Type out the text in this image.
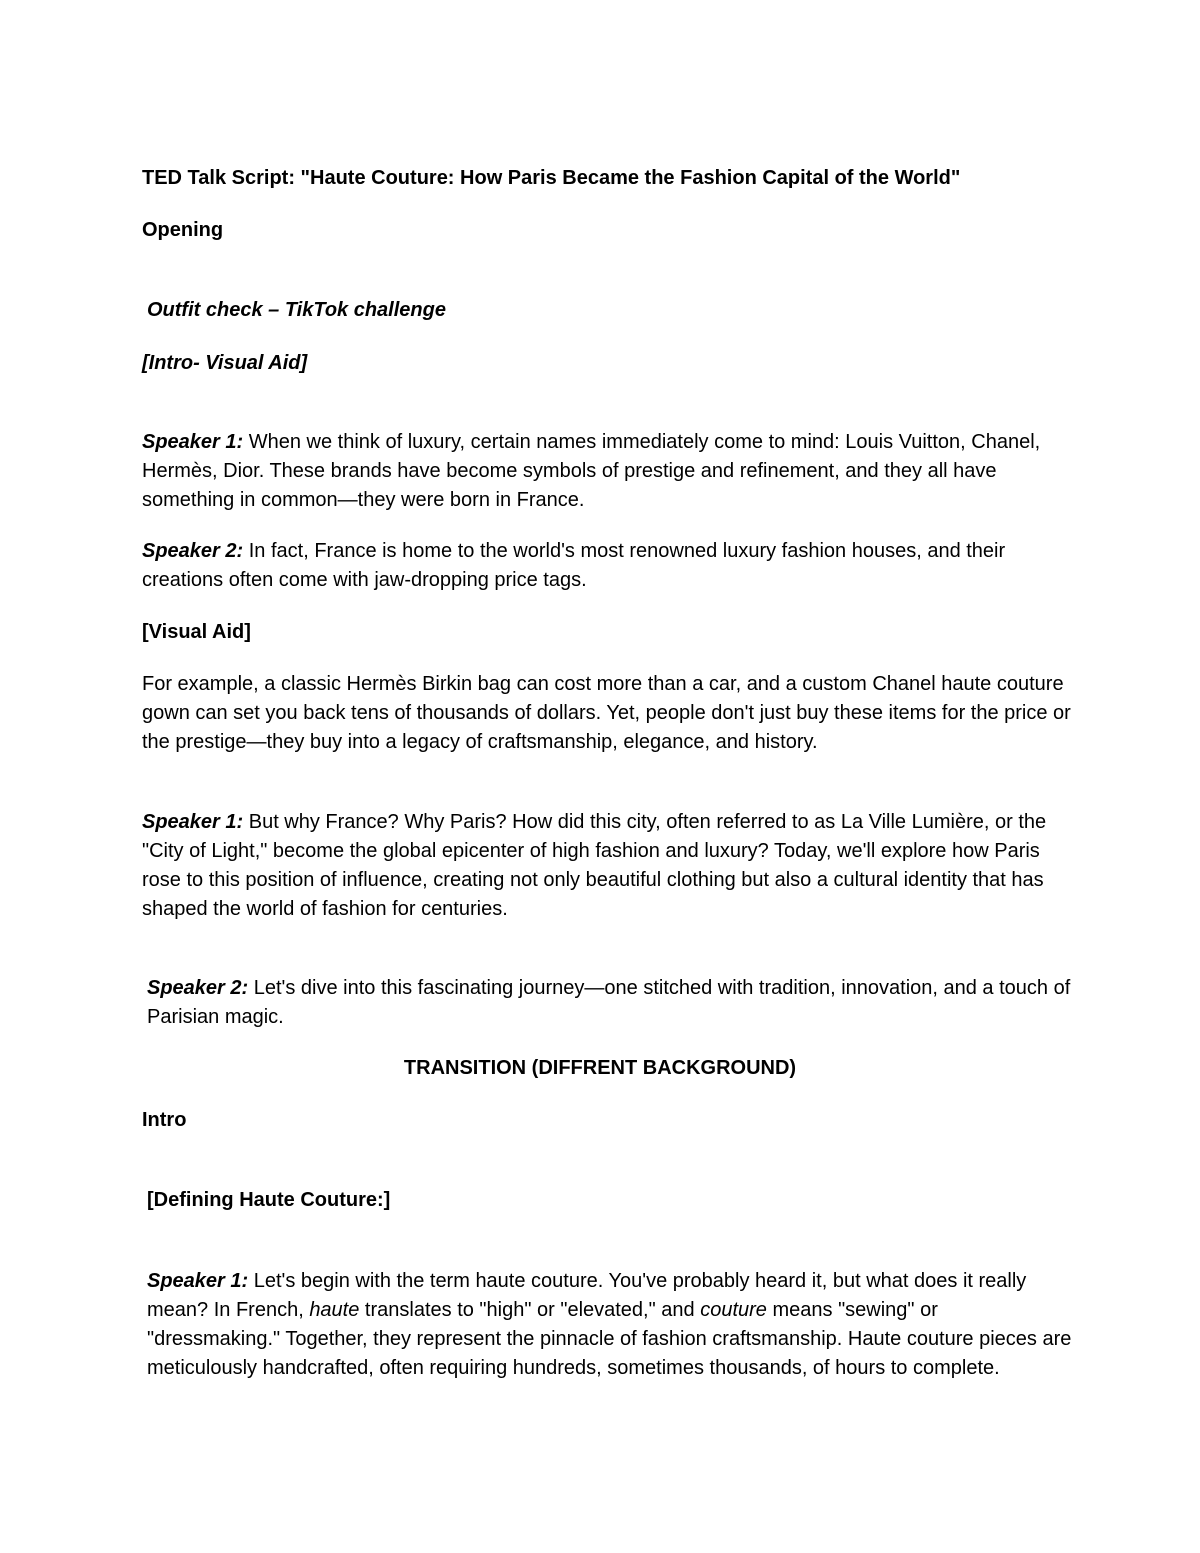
TED Talk Script: "Haute Couture: How Paris Became the Fashion Capital of the World"
Opening
Outfit check – TikTok challenge
[Intro- Visual Aid]
Speaker 1: When we think of luxury, certain names immediately come to mind: Louis Vuitton, Chanel, Hermès, Dior. These brands have become symbols of prestige and refinement, and they all have something in common—they were born in France.
Speaker 2: In fact, France is home to the world's most renowned luxury fashion houses, and their creations often come with jaw-dropping price tags.
[Visual Aid]
For example, a classic Hermès Birkin bag can cost more than a car, and a custom Chanel haute couture gown can set you back tens of thousands of dollars. Yet, people don't just buy these items for the price or the prestige—they buy into a legacy of craftsmanship, elegance, and history.
Speaker 1: But why France? Why Paris? How did this city, often referred to as La Ville Lumière, or the "City of Light," become the global epicenter of high fashion and luxury? Today, we'll explore how Paris rose to this position of influence, creating not only beautiful clothing but also a cultural identity that has shaped the world of fashion for centuries.
Speaker 2: Let's dive into this fascinating journey—one stitched with tradition, innovation, and a touch of Parisian magic.
TRANSITION (DIFFRENT BACKGROUND)
Intro
[Defining Haute Couture:]
Speaker 1: Let's begin with the term haute couture. You've probably heard it, but what does it really mean? In French, haute translates to "high" or "elevated," and couture means "sewing" or "dressmaking." Together, they represent the pinnacle of fashion craftsmanship. Haute couture pieces are meticulously handcrafted, often requiring hundreds, sometimes thousands, of hours to complete.
